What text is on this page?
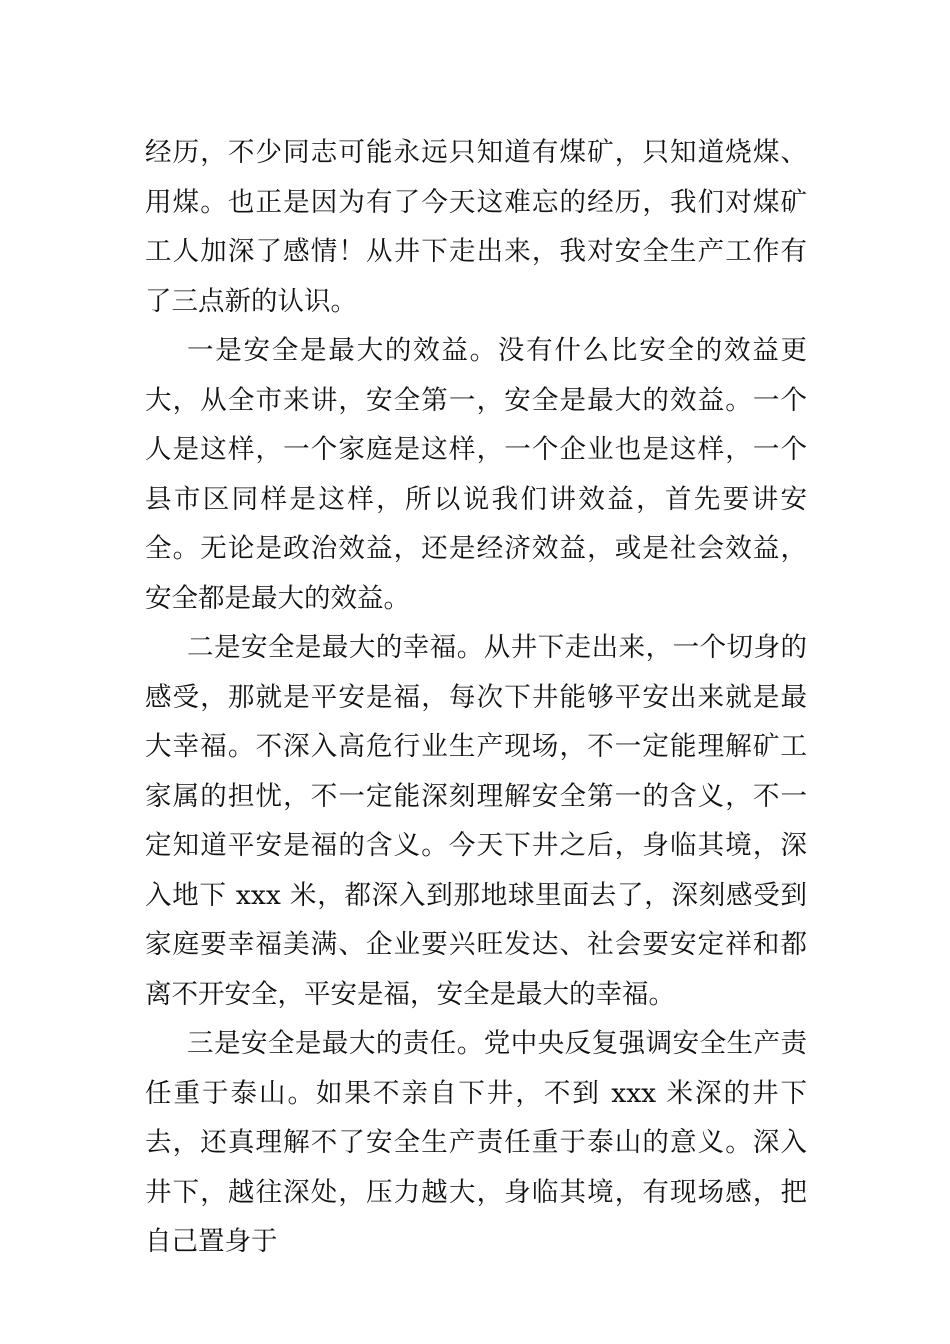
经历，不少同志可能永远只知道有煤矿，只知道烧煤、用煤。也正是因为有了今天这难忘的经历，我们对煤矿工人加深了感情！从井下走出来，我对安全生产工作有了三点新的认识。

一是安全是最大的效益。没有什么比安全的效益更大，从全市来讲，安全第一，安全是最大的效益。一个人是这样，一个家庭是这样，一个企业也是这样，一个县市区同样是这样，所以说我们讲效益，首先要讲安全。无论是政治效益，还是经济效益，或是社会效益，安全都是最大的效益。

二是安全是最大的幸福。从井下走出来，一个切身的感受，那就是平安是福，每次下井能够平安出来就是最大幸福。不深入高危行业生产现场，不一定能理解矿工家属的担忧，不一定能深刻理解安全第一的含义，不一定知道平安是福的含义。今天下井之后，身临其境，深入地下 xxx 米，都深入到那地球里面去了，深刻感受到家庭要幸福美满、企业要兴旺发达、社会要安定祥和都离不开安全，平安是福，安全是最大的幸福。

三是安全是最大的责任。党中央反复强调安全生产责任重于泰山。如果不亲自下井，不到 xxx 米深的井下去，还真理解不了安全生产责任重于泰山的意义。深入井下，越往深处，压力越大，身临其境，有现场感，把自己置身于
